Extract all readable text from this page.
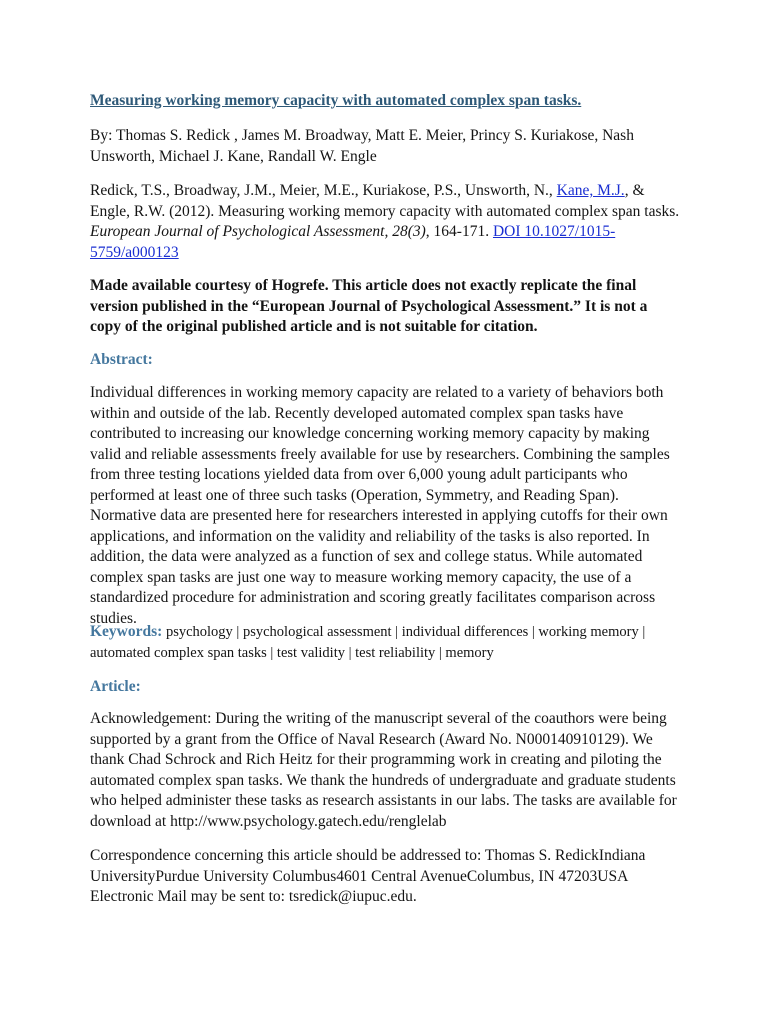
Measuring working memory capacity with automated complex span tasks.
By: Thomas S. Redick , James M. Broadway, Matt E. Meier, Princy S. Kuriakose, Nash Unsworth, Michael J. Kane, Randall W. Engle
Redick, T.S., Broadway, J.M., Meier, M.E., Kuriakose, P.S., Unsworth, N., Kane, M.J., & Engle, R.W. (2012). Measuring working memory capacity with automated complex span tasks. European Journal of Psychological Assessment, 28(3), 164-171. DOI 10.1027/1015-5759/a000123
Made available courtesy of Hogrefe. This article does not exactly replicate the final version published in the “European Journal of Psychological Assessment.” It is not a copy of the original published article and is not suitable for citation.
Abstract:
Individual differences in working memory capacity are related to a variety of behaviors both within and outside of the lab. Recently developed automated complex span tasks have contributed to increasing our knowledge concerning working memory capacity by making valid and reliable assessments freely available for use by researchers. Combining the samples from three testing locations yielded data from over 6,000 young adult participants who performed at least one of three such tasks (Operation, Symmetry, and Reading Span). Normative data are presented here for researchers interested in applying cutoffs for their own applications, and information on the validity and reliability of the tasks is also reported. In addition, the data were analyzed as a function of sex and college status. While automated complex span tasks are just one way to measure working memory capacity, the use of a standardized procedure for administration and scoring greatly facilitates comparison across studies.
Keywords: psychology | psychological assessment | individual differences | working memory | automated complex span tasks | test validity | test reliability | memory
Article:
Acknowledgement: During the writing of the manuscript several of the coauthors were being supported by a grant from the Office of Naval Research (Award No. N000140910129). We thank Chad Schrock and Rich Heitz for their programming work in creating and piloting the automated complex span tasks. We thank the hundreds of undergraduate and graduate students who helped administer these tasks as research assistants in our labs. The tasks are available for download at http://www.psychology.gatech.edu/renglelab
Correspondence concerning this article should be addressed to: Thomas S. RedickIndiana UniversityPurdue University Columbus4601 Central AvenueColumbus, IN 47203USA Electronic Mail may be sent to: tsredick@iupuc.edu.
